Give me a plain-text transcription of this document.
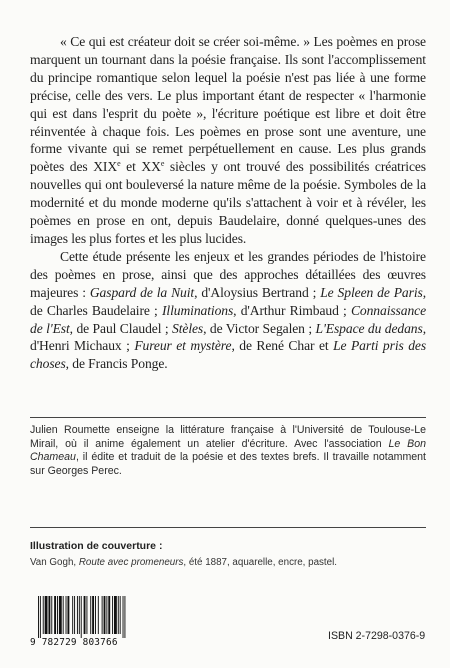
« Ce qui est créateur doit se créer soi-même. » Les poèmes en prose marquent un tournant dans la poésie française. Ils sont l'accomplissement du principe romantique selon lequel la poésie n'est pas liée à une forme précise, celle des vers. Le plus important étant de respecter « l'harmonie qui est dans l'esprit du poète », l'écriture poétique est libre et doit être réinventée à chaque fois. Les poèmes en prose sont une aventure, une forme vivante qui se remet perpétuellement en cause. Les plus grands poètes des XIXe et XXe siècles y ont trouvé des possibilités créatrices nouvelles qui ont bouleversé la nature même de la poésie. Symboles de la modernité et du monde moderne qu'ils s'attachent à voir et à révéler, les poèmes en prose en ont, depuis Baudelaire, donné quelques-unes des images les plus fortes et les plus lucides.

Cette étude présente les enjeux et les grandes périodes de l'histoire des poèmes en prose, ainsi que des approches détaillées des œuvres majeures : Gaspard de la Nuit, d'Aloysius Bertrand ; Le Spleen de Paris, de Charles Baudelaire ; Illuminations, d'Arthur Rimbaud ; Connaissance de l'Est, de Paul Claudel ; Stèles, de Victor Segalen ; L'Espace du dedans, d'Henri Michaux ; Fureur et mystère, de René Char et Le Parti pris des choses, de Francis Ponge.

Julien Roumette enseigne la littérature française à l'Université de Toulouse-Le Mirail, où il anime également un atelier d'écriture. Avec l'association Le Bon Chameau, il édite et traduit de la poésie et des textes brefs. Il travaille notamment sur Georges Perec.
Illustration de couverture :
Van Gogh, Route avec promeneurs, été 1887, aquarelle, encre, pastel.
9 782729 803766
ISBN 2-7298-0376-9
